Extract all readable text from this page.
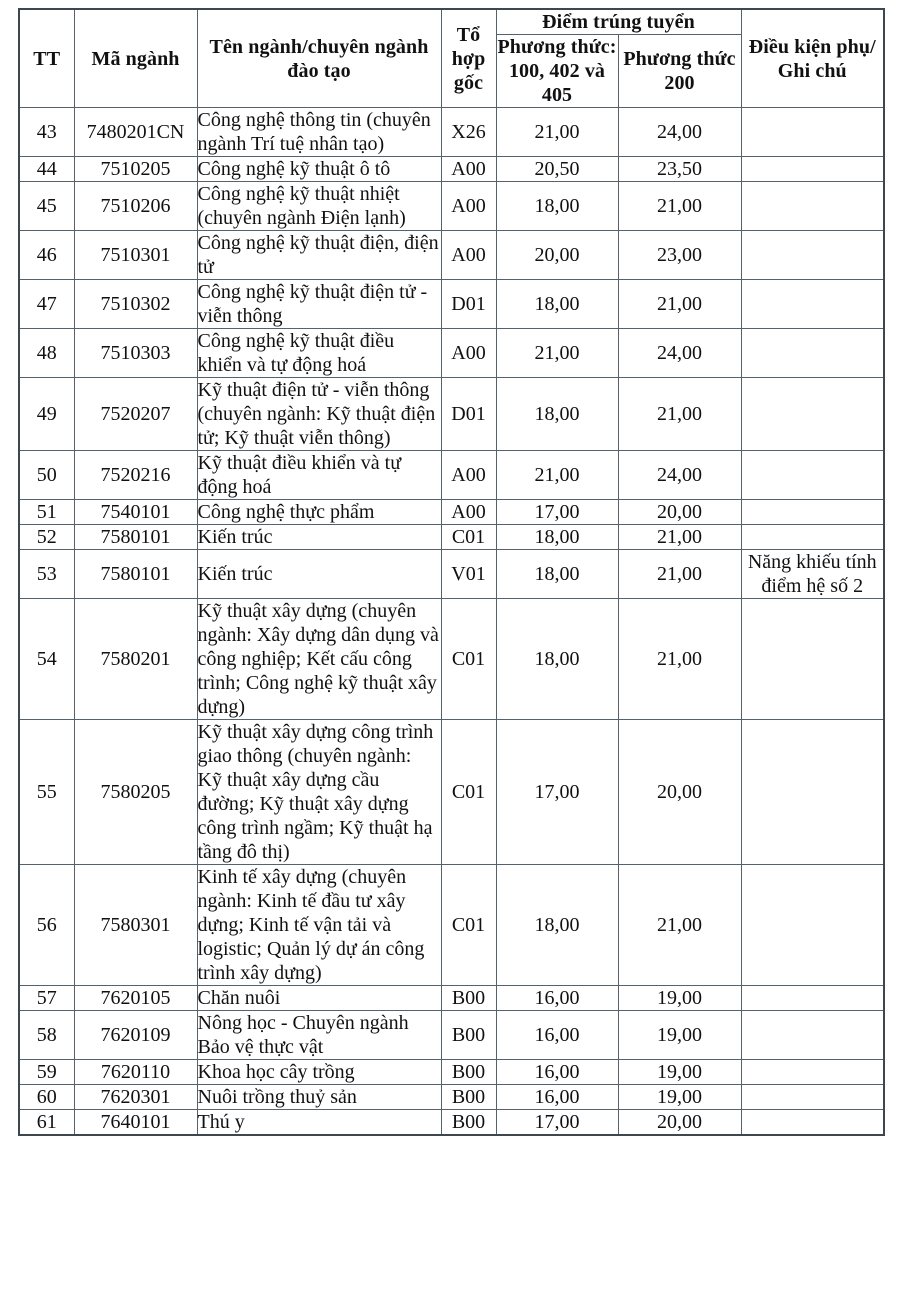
TT	Mã ngành	Tên ngành/chuyên ngành đào tạo	Tổ hợp gốc	Điểm trúng tuyển		Điều kiện phụ/ Ghi chú
				Phương thức: 100, 402 và 405	Phương thức 200	
43	7480201CN	Công nghệ thông tin (chuyên ngành Trí tuệ nhân tạo)	X26	21,00	24,00	
44	7510205	Công nghệ kỹ thuật ô tô	A00	20,50	23,50	
45	7510206	Công nghệ kỹ thuật nhiệt (chuyên ngành Điện lạnh)	A00	18,00	21,00	
46	7510301	Công nghệ kỹ thuật điện, điện tử	A00	20,00	23,00	
47	7510302	Công nghệ kỹ thuật điện tử - viễn thông	D01	18,00	21,00	
48	7510303	Công nghệ kỹ thuật điều khiển và tự động hoá	A00	21,00	24,00	
49	7520207	Kỹ thuật điện tử - viễn thông (chuyên ngành: Kỹ thuật điện tử; Kỹ thuật viễn thông)	D01	18,00	21,00	
50	7520216	Kỹ thuật điều khiển và tự động hoá	A00	21,00	24,00	
51	7540101	Công nghệ thực phẩm	A00	17,00	20,00	
52	7580101	Kiến trúc	C01	18,00	21,00	
53	7580101	Kiến trúc	V01	18,00	21,00	Năng khiếu tính điểm hệ số 2
54	7580201	Kỹ thuật xây dựng (chuyên ngành: Xây dựng dân dụng và công nghiệp; Kết cấu công trình; Công nghệ kỹ thuật xây dựng)	C01	18,00	21,00	
55	7580205	Kỹ thuật xây dựng công trình giao thông (chuyên ngành: Kỹ thuật xây dựng cầu đường; Kỹ thuật xây dựng công trình ngầm; Kỹ thuật hạ tầng đô thị)	C01	17,00	20,00	
56	7580301	Kinh tế xây dựng (chuyên ngành: Kinh tế đầu tư xây dựng; Kinh tế vận tải và logistic; Quản lý dự án công trình xây dựng)	C01	18,00	21,00	
57	7620105	Chăn nuôi	B00	16,00	19,00	
58	7620109	Nông học - Chuyên ngành Bảo vệ thực vật	B00	16,00	19,00	
59	7620110	Khoa học cây trồng	B00	16,00	19,00	
60	7620301	Nuôi trồng thuỷ sản	B00	16,00	19,00	
61	7640101	Thú y	B00	17,00	20,00	
